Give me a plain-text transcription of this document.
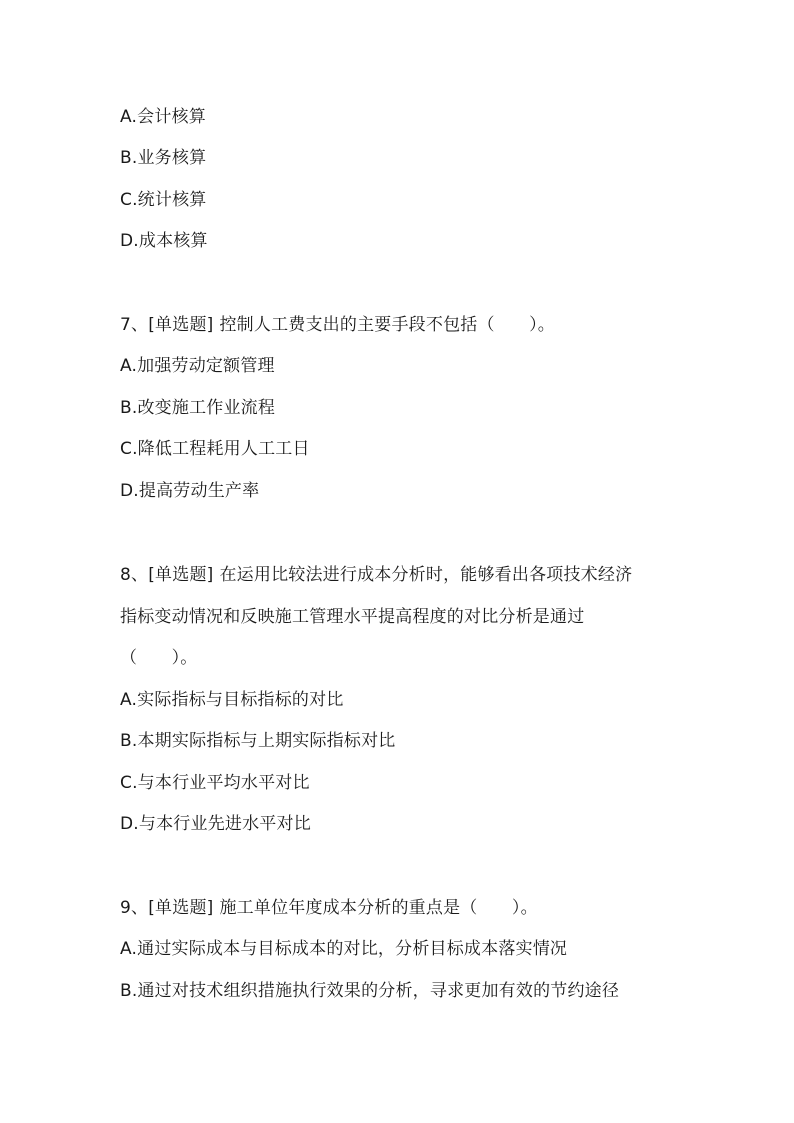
A.会计核算
B.业务核算
C.统计核算
D.成本核算
7、[单选题] 控制人工费支出的主要手段不包括（　　）。
A.加强劳动定额管理
B.改变施工作业流程
C.降低工程耗用人工工日
D.提高劳动生产率
8、[单选题] 在运用比较法进行成本分析时，能够看出各项技术经济
指标变动情况和反映施工管理水平提高程度的对比分析是通过
（　　）。
A.实际指标与目标指标的对比
B.本期实际指标与上期实际指标对比
C.与本行业平均水平对比
D.与本行业先进水平对比
9、[单选题] 施工单位年度成本分析的重点是（　　）。
A.通过实际成本与目标成本的对比，分析目标成本落实情况
B.通过对技术组织措施执行效果的分析，寻求更加有效的节约途径
